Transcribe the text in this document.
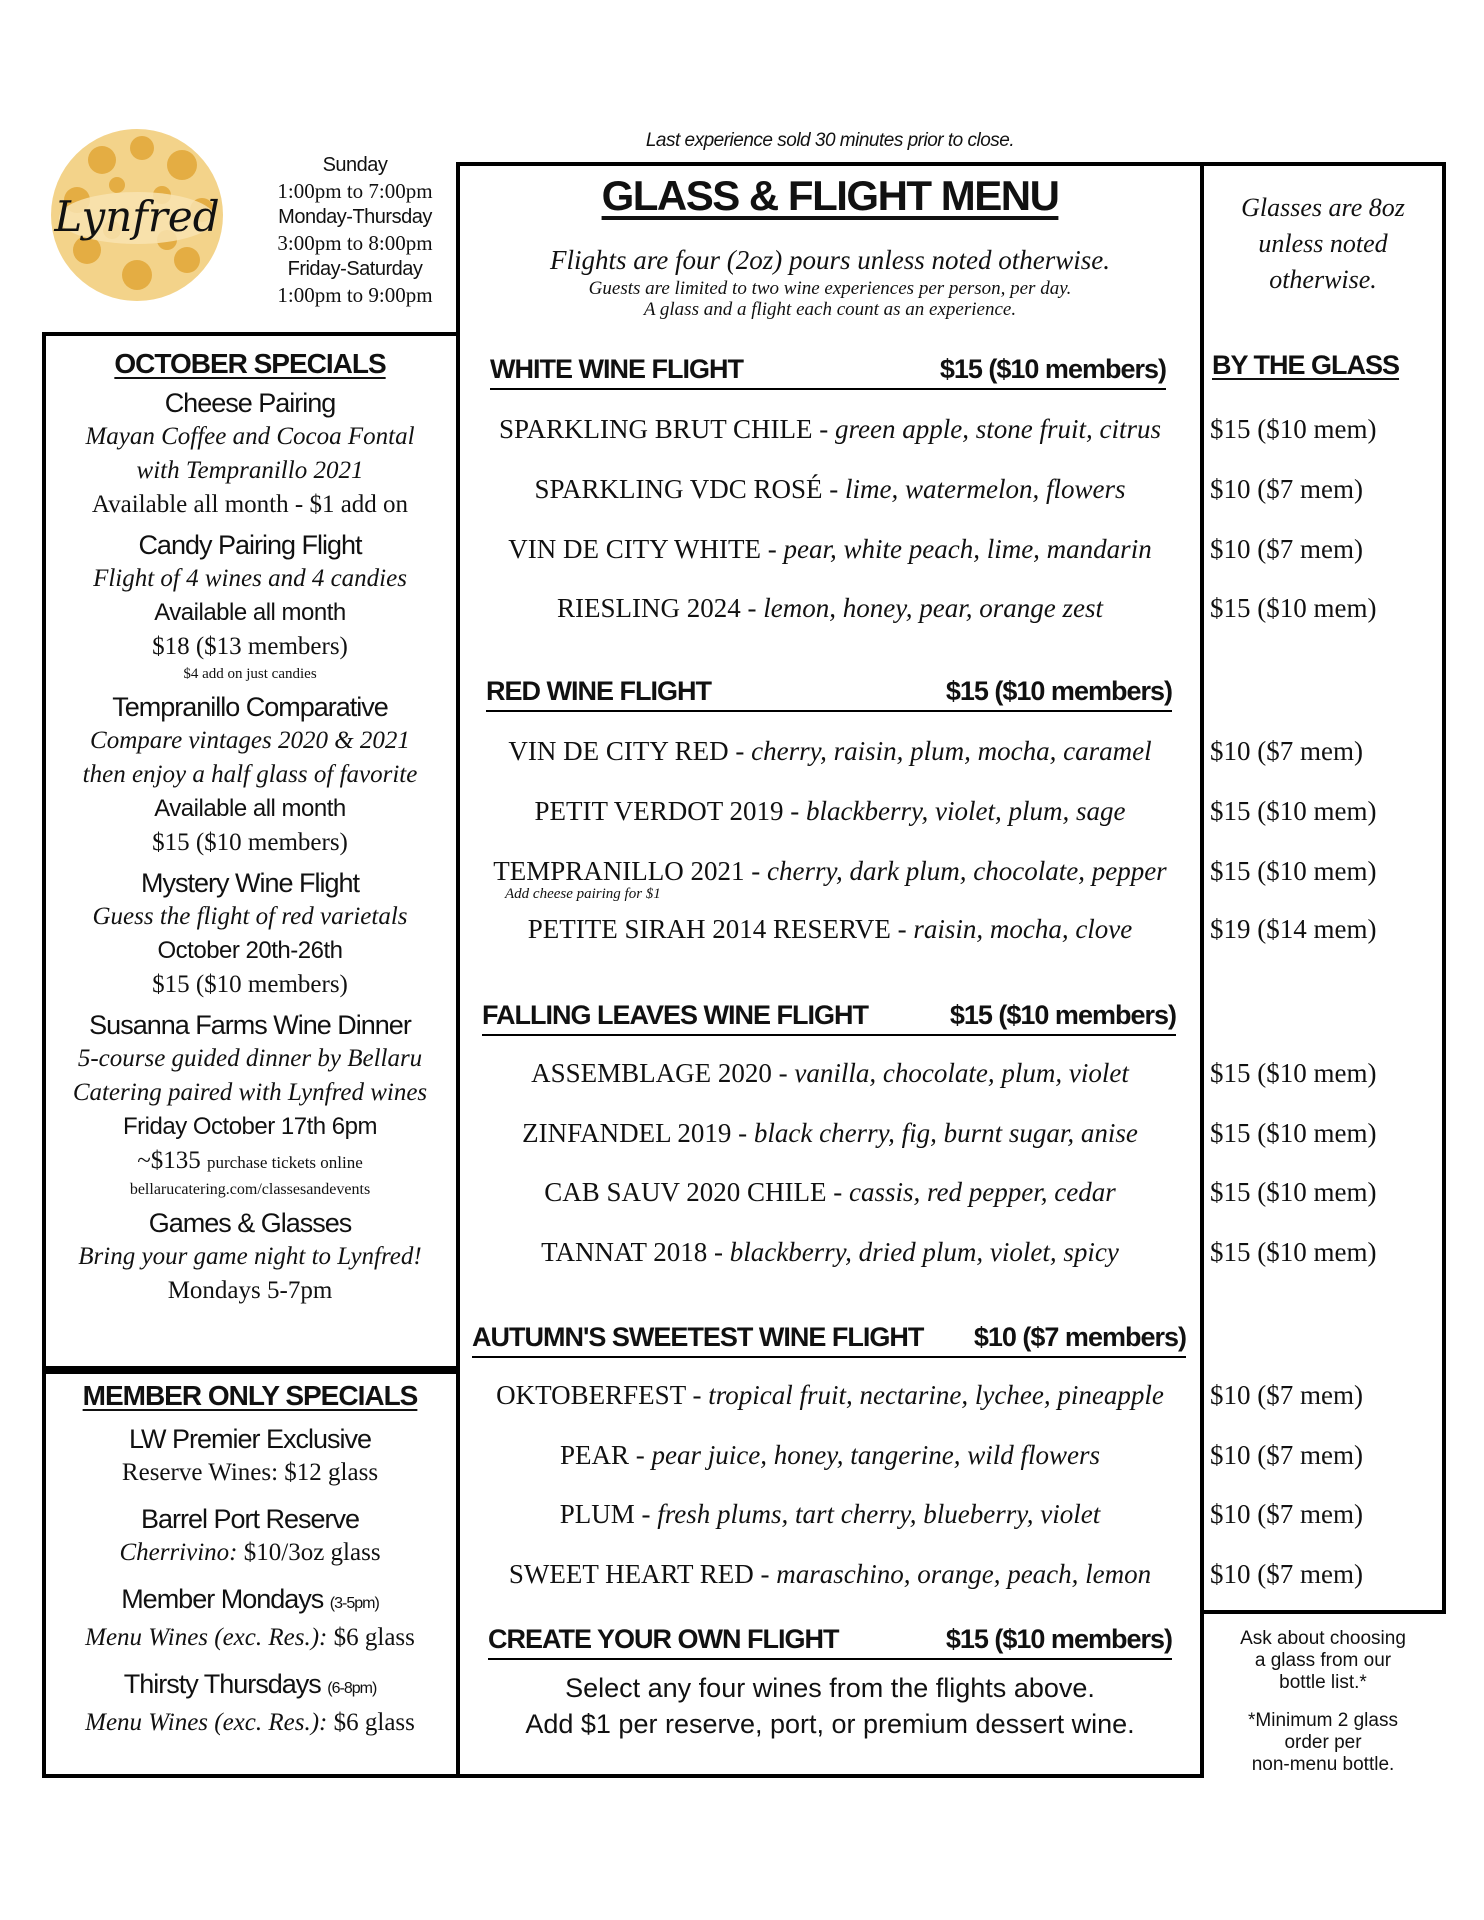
Lynfred
Sunday
1:00pm to 7:00pm
Monday-Thursday
3:00pm to 8:00pm
Friday-Saturday
1:00pm to 9:00pm
Last experience sold 30 minutes prior to close.
OCTOBER SPECIALS
Cheese Pairing
Mayan Coffee and Cocoa Fontal
with Tempranillo 2021
Available all month - $1 add on
Candy Pairing Flight
Flight of 4 wines and 4 candies
Available all month
$18 ($13 members)
$4 add on just candies
Tempranillo Comparative
Compare vintages 2020 & 2021
then enjoy a half glass of favorite
Available all month
$15 ($10 members)
Mystery Wine Flight
Guess the flight of red varietals
October 20th-26th
$15 ($10 members)
Susanna Farms Wine Dinner
5-course guided dinner by Bellaru
Catering paired with Lynfred wines
Friday October 17th 6pm
~$135 purchase tickets online
bellarucatering.com/classesandevents
Games & Glasses
Bring your game night to Lynfred!
Mondays 5-7pm
MEMBER ONLY SPECIALS
LW Premier Exclusive
Reserve Wines: $12 glass
Barrel Port Reserve
Cherrivino: $10/3oz glass
Member Mondays (3-5pm)
Menu Wines (exc. Res.): $6 glass
Thirsty Thursdays (6-8pm)
Menu Wines (exc. Res.): $6 glass
GLASS & FLIGHT MENU
Flights are four (2oz) pours unless noted otherwise.
Guests are limited to two wine experiences per person, per day.
A glass and a flight each count as an experience.
Glasses are 8oz
unless noted
otherwise.
BY THE GLASS
WHITE WINE FLIGHT	$15 ($10 members)
SPARKLING BRUT CHILE - green apple, stone fruit, citrus	$15 ($10 mem)
SPARKLING VDC ROSÉ - lime, watermelon, flowers	$10 ($7 mem)
VIN DE CITY WHITE - pear, white peach, lime, mandarin	$10 ($7 mem)
RIESLING 2024 - lemon, honey, pear, orange zest	$15 ($10 mem)
RED WINE FLIGHT	$15 ($10 members)
VIN DE CITY RED - cherry, raisin, plum, mocha, caramel	$10 ($7 mem)
PETIT VERDOT 2019 - blackberry, violet, plum, sage	$15 ($10 mem)
TEMPRANILLO 2021 - cherry, dark plum, chocolate, pepper	$15 ($10 mem)
Add cheese pairing for $1
PETITE SIRAH 2014 RESERVE - raisin, mocha, clove	$19 ($14 mem)
FALLING LEAVES WINE FLIGHT	$15 ($10 members)
ASSEMBLAGE 2020 - vanilla, chocolate, plum, violet	$15 ($10 mem)
ZINFANDEL 2019 - black cherry, fig, burnt sugar, anise	$15 ($10 mem)
CAB SAUV 2020 CHILE - cassis, red pepper, cedar	$15 ($10 mem)
TANNAT 2018 - blackberry, dried plum, violet, spicy	$15 ($10 mem)
AUTUMN'S SWEETEST WINE FLIGHT $10 ($7 members)
OKTOBERFEST - tropical fruit, nectarine, lychee, pineapple	$10 ($7 mem)
PEAR - pear juice, honey, tangerine, wild flowers	$10 ($7 mem)
PLUM - fresh plums, tart cherry, blueberry, violet	$10 ($7 mem)
SWEET HEART RED - maraschino, orange, peach, lemon	$10 ($7 mem)
CREATE YOUR OWN FLIGHT	$15 ($10 members)
Select any four wines from the flights above.
Add $1 per reserve, port, or premium dessert wine.
Ask about choosing
a glass from our
bottle list.*
*Minimum 2 glass
order per
non-menu bottle.
